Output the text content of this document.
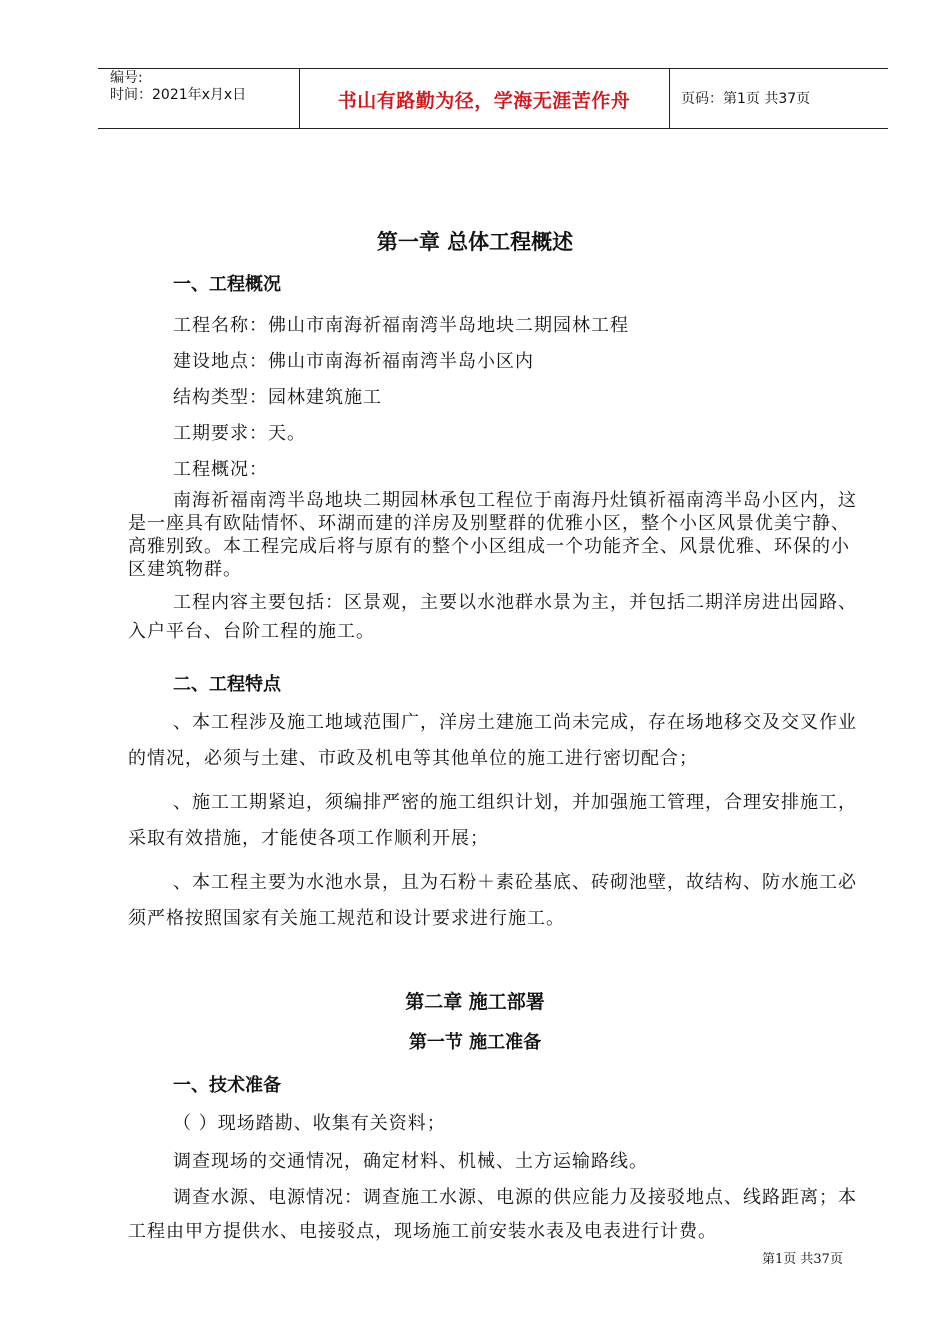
编号:
时间：2021年x月x日	书山有路勤为径，学海无涯苦作舟	页码：第1页 共37页
第一章 总体工程概述
一、工程概况
工程名称：佛山市南海祈福南湾半岛地块二期园林工程
建设地点：佛山市南海祈福南湾半岛小区内
结构类型：园林建筑施工
工期要求：天。
工程概况：
南海祈福南湾半岛地块二期园林承包工程位于南海丹灶镇祈福南湾半岛小区内，这是一座具有欧陆情怀、环湖而建的洋房及别墅群的优雅小区，整个小区风景优美宁静、高雅别致。本工程完成后将与原有的整个小区组成一个功能齐全、风景优雅、环保的小区建筑物群。
工程内容主要包括：区景观，主要以水池群水景为主，并包括二期洋房进出园路、入户平台、台阶工程的施工。
二、工程特点
、本工程涉及施工地域范围广，洋房土建施工尚未完成，存在场地移交及交叉作业的情况，必须与土建、市政及机电等其他单位的施工进行密切配合；
、施工工期紧迫，须编排严密的施工组织计划，并加强施工管理，合理安排施工，采取有效措施，才能使各项工作顺利开展；
、本工程主要为水池水景，且为石粉＋素砼基底、砖砌池壁，故结构、防水施工必须严格按照国家有关施工规范和设计要求进行施工。
第二章 施工部署
第一节 施工准备
一、技术准备
（ ）现场踏勘、收集有关资料；
调查现场的交通情况，确定材料、机械、土方运输路线。
调查水源、电源情况：调查施工水源、电源的供应能力及接驳地点、线路距离；本工程由甲方提供水、电接驳点，现场施工前安装水表及电表进行计费。
第1页 共37页
